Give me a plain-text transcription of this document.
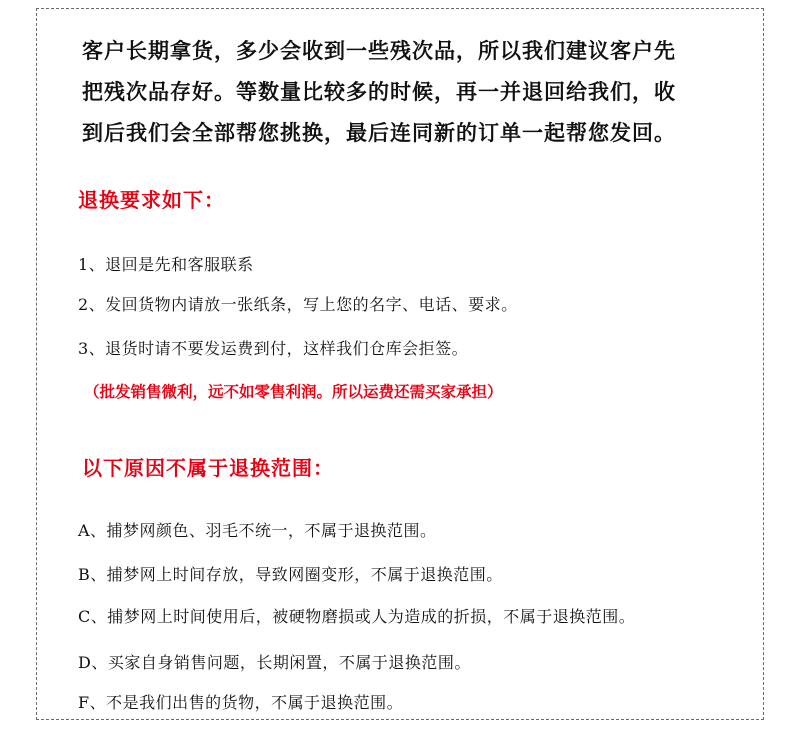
客户长期拿货，多少会收到一些残次品，所以我们建议客户先
把残次品存好。等数量比较多的时候，再一并退回给我们，收
到后我们会全部帮您挑换，最后连同新的订单一起帮您发回。
退换要求如下：
1、退回是先和客服联系
2、发回货物内请放一张纸条，写上您的名字、电话、要求。
3、退货时请不要发运费到付，这样我们仓库会拒签。
（批发销售微利，远不如零售利润。所以运费还需买家承担）
以下原因不属于退换范围：
A、捕梦网颜色、羽毛不统一，不属于退换范围。
B、捕梦网上时间存放，导致网圈变形，不属于退换范围。
C、捕梦网上时间使用后，被硬物磨损或人为造成的折损，不属于退换范围。
D、买家自身销售问题，长期闲置，不属于退换范围。
F、不是我们出售的货物，不属于退换范围。
